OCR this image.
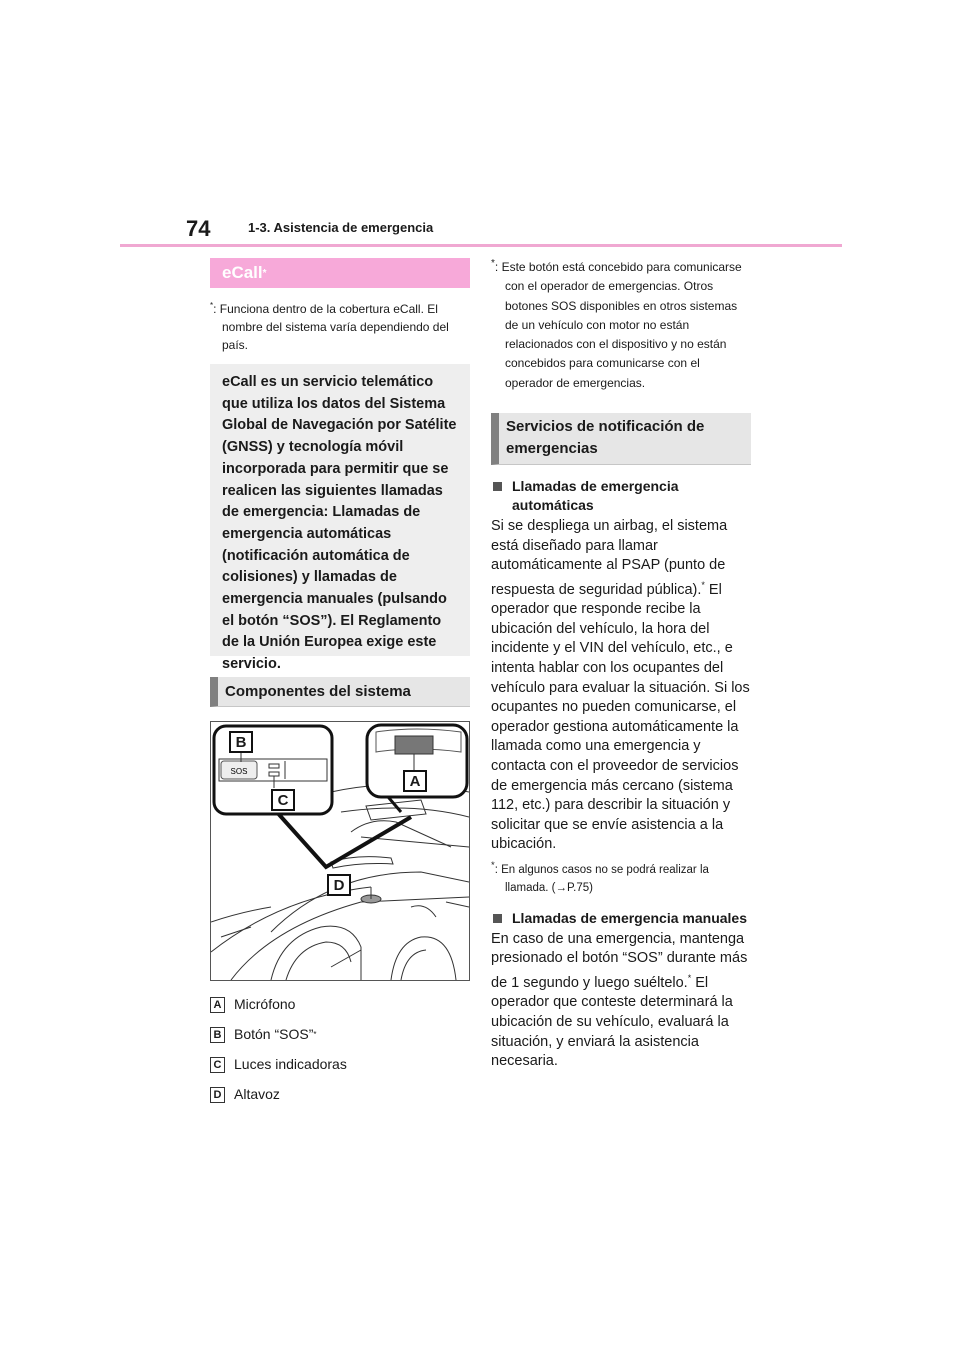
74	1-3. Asistencia de emergencia
eCall *

*: Funciona dentro de la cobertura eCall. El nombre del sistema varía dependiendo del país.

eCall es un servicio telemático que utiliza los datos del Sistema Global de Navegación por Satélite (GNSS) y tecnología móvil incorporada para permitir que se realicen las siguientes llamadas de emergencia: Llamadas de emergencia automáticas (notificación automática de colisiones) y llamadas de emergencia manuales (pulsando el botón “SOS”). El Reglamento de la Unión Europea exige este servicio.
Componentes del sistema
SOS
B
C
A
D
A Micrófono
B Botón “SOS” *
C Luces indicadoras
D Altavoz

*: Este botón está concebido para comunicarse con el operador de emergencias. Otros botones SOS disponibles en otros sistemas de un vehículo con motor no están relacionados con el dispositivo y no están concebidos para comunicarse con el operador de emergencias.

Servicios de notificación de emergencias
Llamadas de emergencia automáticas

Si se despliega un airbag, el sistema está diseñado para llamar automáticamente al PSAP (punto de respuesta de seguridad pública).* El operador que responde recibe la ubicación del vehículo, la hora del incidente y el VIN del vehículo, etc., e intenta hablar con los ocupantes del vehículo para evaluar la situación. Si los ocupantes no pueden comunicarse, el operador gestiona automáticamente la llamada como una emergencia y contacta con el proveedor de servicios de emergencia más cercano (sistema 112, etc.) para describir la situación y solicitar que se envíe asistencia a la ubicación.

*: En algunos casos no se podrá realizar la llamada. (→P.75)

Llamadas de emergencia manuales

En caso de una emergencia, mantenga presionado el botón “SOS” durante más de 1 segundo y luego suéltelo.* El operador que conteste determinará la ubicación de su vehículo, evaluará la situación, y enviará la asistencia necesaria.
